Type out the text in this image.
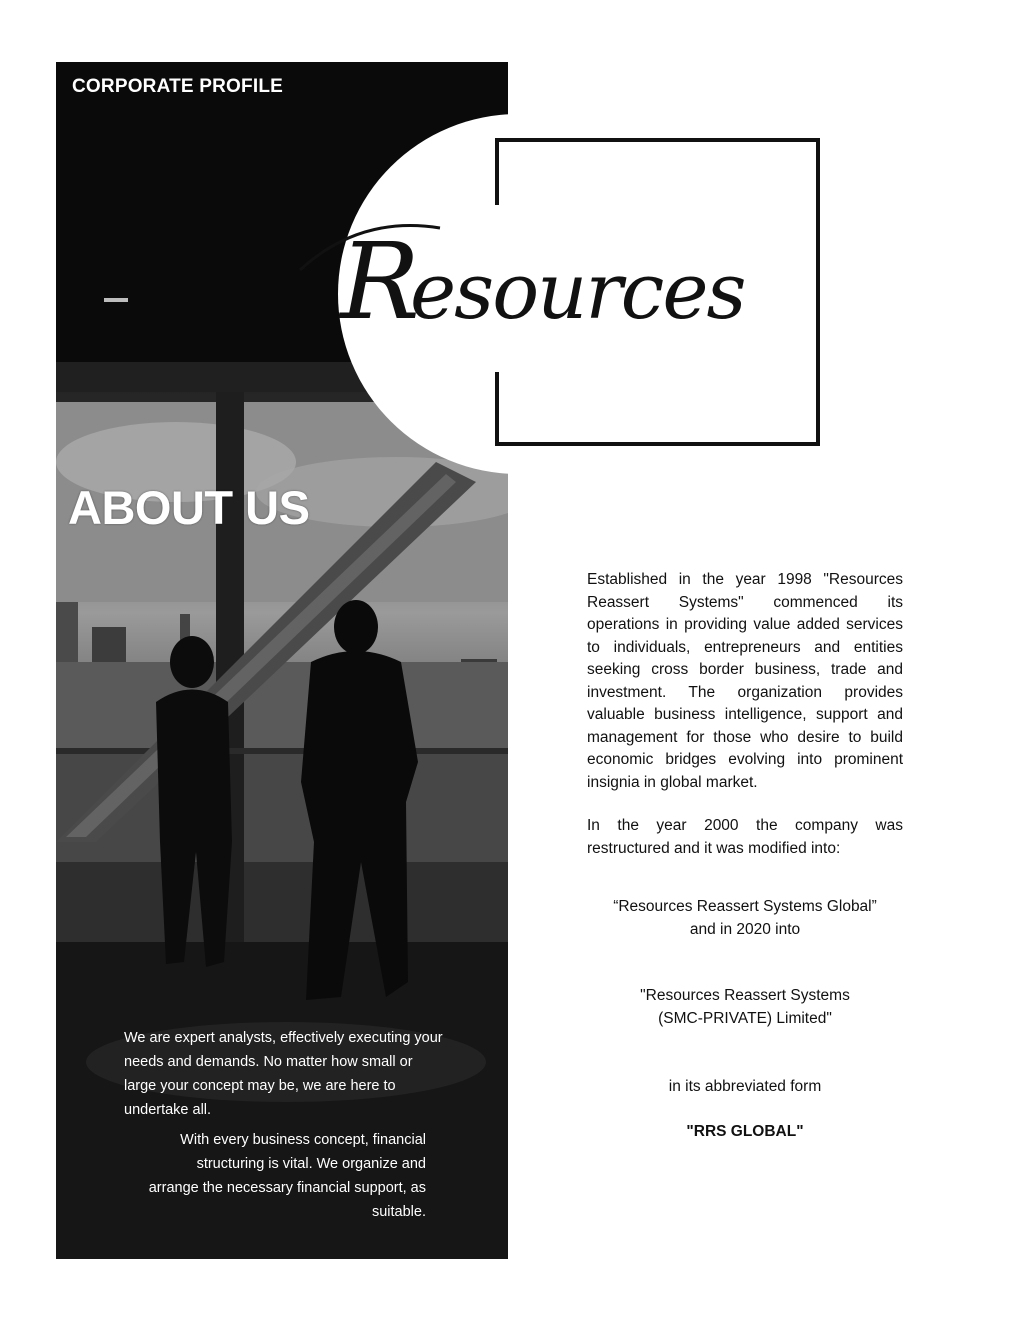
CORPORATE PROFILE
ABOUT US
We are expert analysts, effectively executing your needs and demands. No matter how small or large your concept may be, we are here to undertake all.
With every business concept, financial structuring is vital. We organize and arrange the necessary financial support, as suitable.
R
esources
Established in the year 1998 "Resources Reassert Systems" commenced its operations in providing value added services to individuals, entrepreneurs and entities seeking cross border business, trade and investment. The organization provides valuable business intelligence, support and management for those who desire to build economic bridges evolving into prominent insignia in global market.
In the year 2000 the company was restructured and it was modified into:
“Resources Reassert Systems Global”
and in 2020 into
"Resources Reassert Systems
(SMC-PRIVATE) Limited"
in its abbreviated form
"RRS GLOBAL"
